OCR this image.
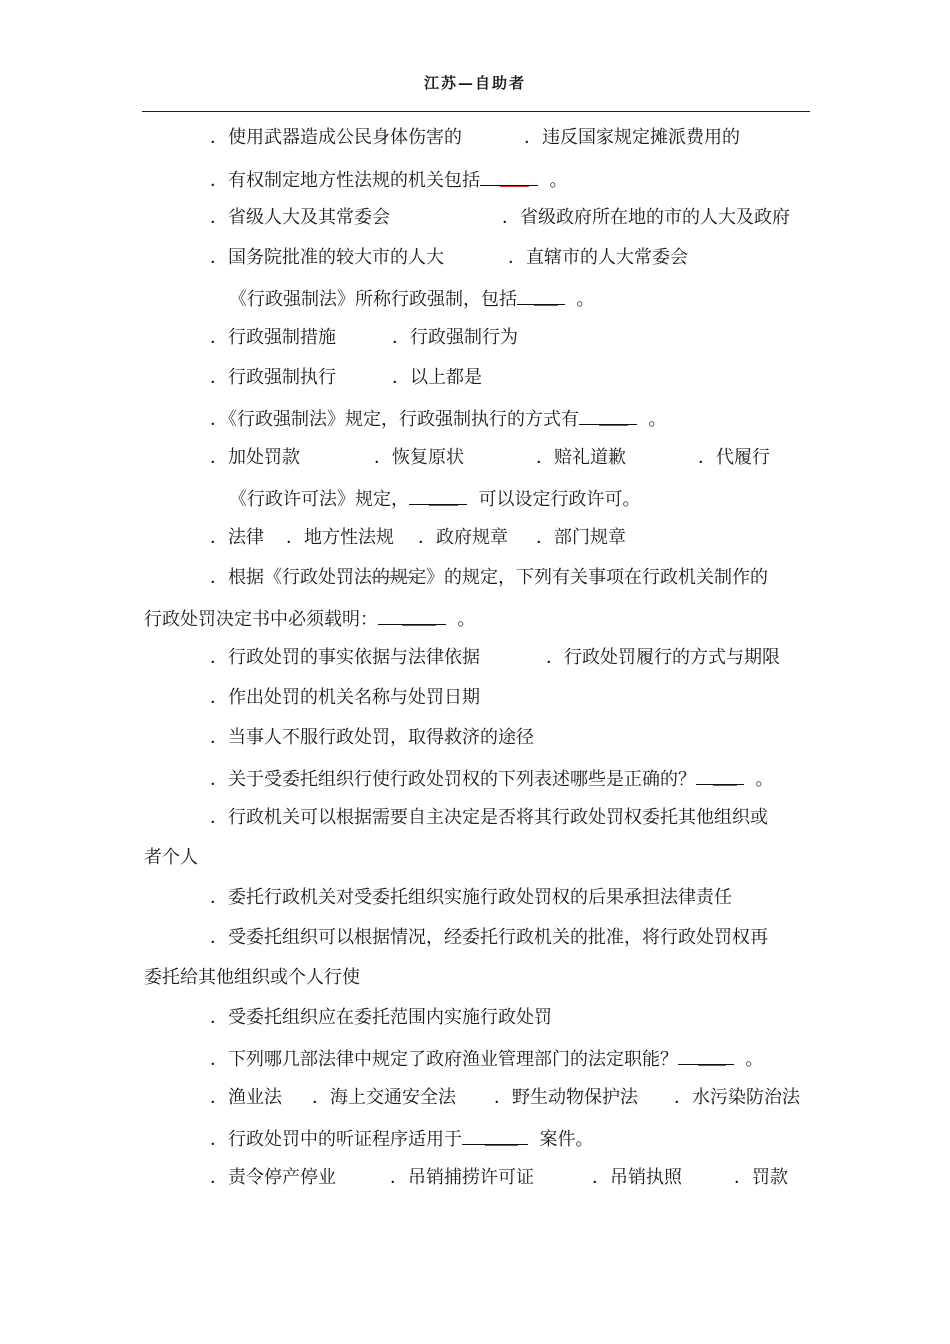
江苏—自助者
．使用武器造成公民身体伤害的	．违反国家规定摊派费用的
．有权制定地方性法规的机关包括	。
．省级人大及其常委会	．省级政府所在地的市的人大及政府
．国务院批准的较大市的人大	．直辖市的人大常委会
《行政强制法》所称行政强制，包括	。
．行政强制措施	．行政强制行为
．行政强制执行	．以上都是
．《行政强制法》规定，行政强制执行的方式有	。
．加处罚款	．恢复原状	．赔礼道歉	．代履行
《行政许可法》规定，	可以设定行政许可。
．法律 ．地方性法规 ．政府规章 ．部门规章
．根据《行政处罚法的规定》的规定，下列有关事项在行政机关制作的
行政处罚决定书中必须载明：	。
．行政处罚的事实依据与法律依据	．行政处罚履行的方式与期限
．作出处罚的机关名称与处罚日期
．当事人不服行政处罚，取得救济的途径
．关于受委托组织行使行政处罚权的下列表述哪些是正确的？	。
．行政机关可以根据需要自主决定是否将其行政处罚权委托其他组织或
者个人
．委托行政机关对受委托组织实施行政处罚权的后果承担法律责任
．受委托组织可以根据情况，经委托行政机关的批准，将行政处罚权再
委托给其他组织或个人行使
．受委托组织应在委托范围内实施行政处罚
．下列哪几部法律中规定了政府渔业管理部门的法定职能？	。
．渔业法 ．海上交通安全法 ．野生动物保护法 ．水污染防治法
．行政处罚中的听证程序适用于	案件。
．责令停产停业	．吊销捕捞许可证	．吊销执照	．罚款
